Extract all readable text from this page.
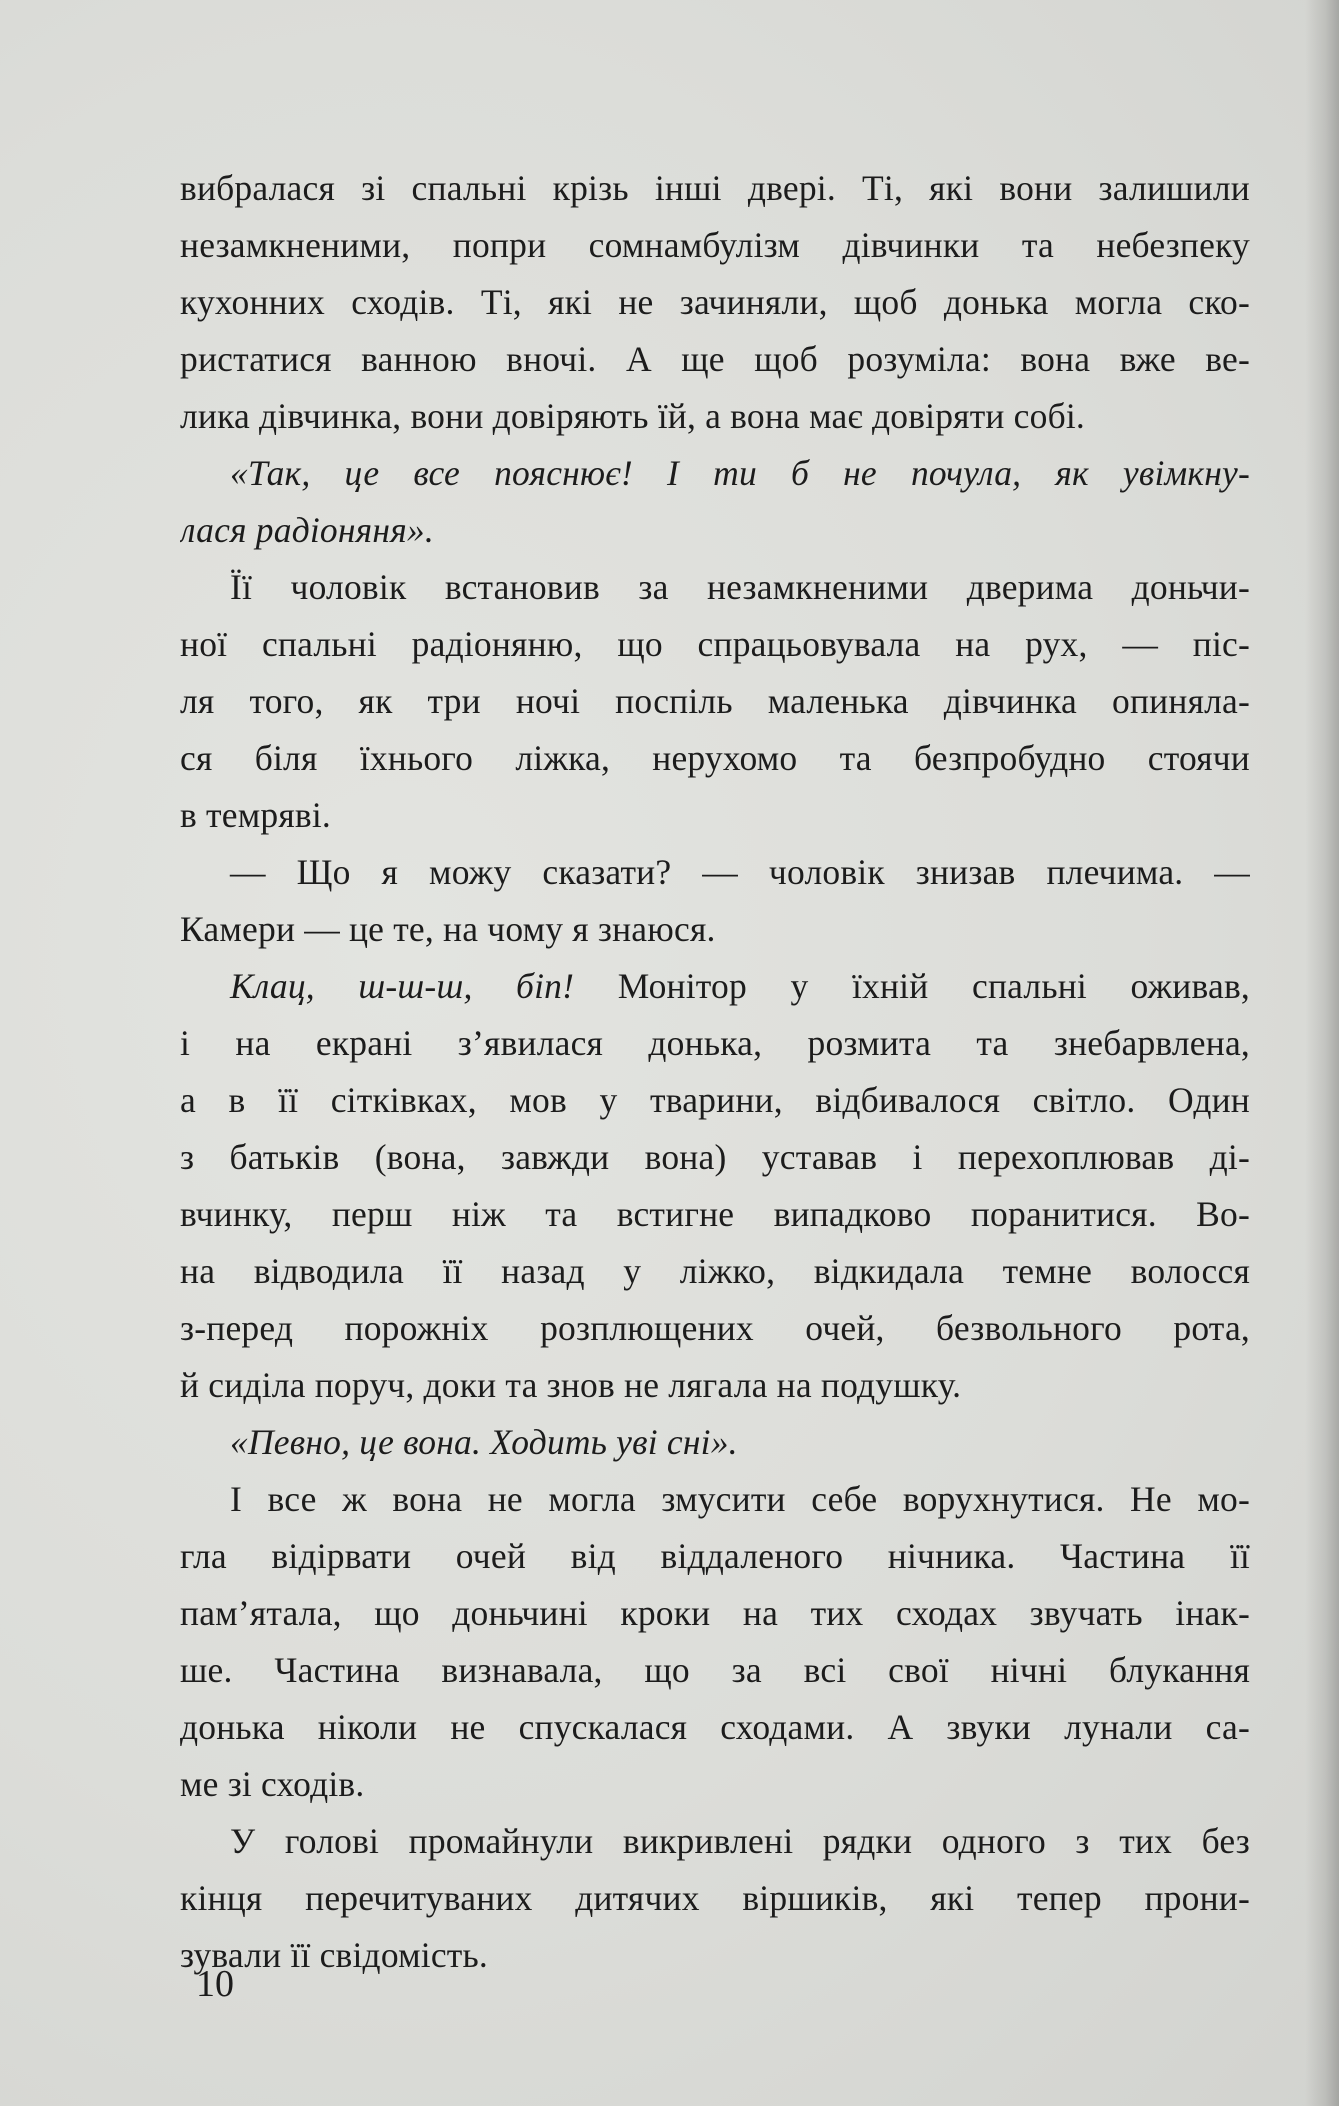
вибралася зі спальні крізь інші двері. Ті, які вони залишили
незамкненими, попри сомнамбулізм дівчинки та небезпеку
кухонних сходів. Ті, які не зачиняли, щоб донька могла ско-
ристатися ванною вночі. А ще щоб розуміла: вона вже ве-
лика дівчинка, вони довіряють їй, а вона має довіряти собі.
«Так, це все пояснює! І ти б не почула, як увімкну-
лася радіоняня».
Її чоловік встановив за незамкненими дверима доньчи-
ної спальні радіоняню, що спрацьовувала на рух, — піс-
ля того, як три ночі поспіль маленька дівчинка опиняла-
ся біля їхнього ліжка, нерухомо та безпробудно стоячи
в темряві.
— Що я можу сказати? — чоловік знизав плечима. —
Камери — це те, на чому я знаюся.
Клац, ш-ш-ш, біп! Монітор у їхній спальні оживав,
і на екрані з’явилася донька, розмита та знебарвлена,
а в її сітківках, мов у тварини, відбивалося світло. Один
з батьків (вона, завжди вона) уставав і перехоплював ді-
вчинку, перш ніж та встигне випадково поранитися. Во-
на відводила її назад у ліжко, відкидала темне волосся
з-перед порожніх розплющених очей, безвольного рота,
й сиділа поруч, доки та знов не лягала на подушку.
«Певно, це вона. Ходить уві сні».
І все ж вона не могла змусити себе ворухнутися. Не мо-
гла відірвати очей від віддаленого нічника. Частина її
пам’ятала, що доньчині кроки на тих сходах звучать інак-
ше. Частина визнавала, що за всі свої нічні блукання
донька ніколи не спускалася сходами. А звуки лунали са-
ме зі сходів.
У голові промайнули викривлені рядки одного з тих без
кінця перечитуваних дитячих віршиків, які тепер прони-
зували її свідомість.
10
